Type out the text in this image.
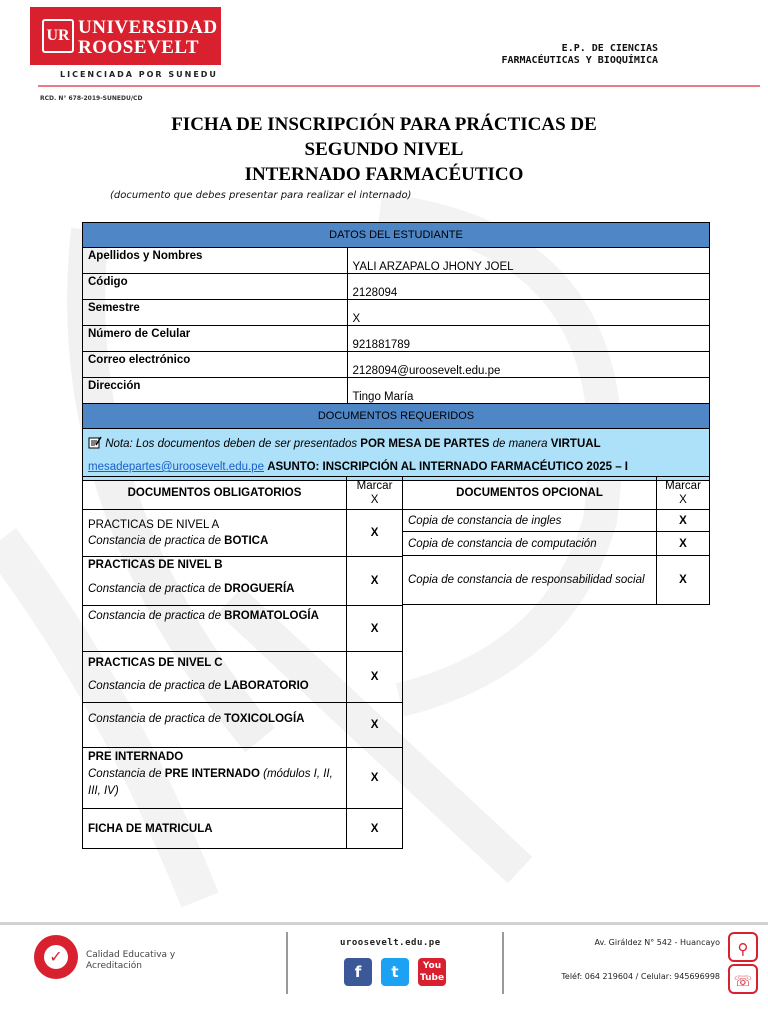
UR UNIVERSIDAD
ROOSEVELT
LICENCIADA POR SUNEDU
RCD. N° 678-2019-SUNEDU/CD
E.P. DE CIENCIAS
FARMACÉUTICAS Y BIOQUÍMICA
FICHA DE INSCRIPCIÓN PARA PRÁCTICAS DE
SEGUNDO NIVEL
INTERNADO FARMACÉUTICO
(documento que debes presentar para realizar el internado)
DATOS DEL ESTUDIANTE	
Apellidos y Nombres	YALI ARZAPALO JHONY JOEL
Código	2128094
Semestre	X
Número de Celular	921881789
Correo electrónico	2128094@uroosevelt.edu.pe
Dirección	Tingo María
DOCUMENTOS REQUERIDOS	
Nota: Los documentos deben de ser presentados POR MESA DE PARTES de manera VIRTUAL
mesadepartes@uroosevelt.edu.pe ASUNTO: INSCRIPCIÓN AL INTERNADO FARMACÉUTICO 2025 – I	
DOCUMENTOS OBLIGATORIOS	Marcar
X
PRACTICAS DE NIVEL A
Constancia de practica de BOTICA	X
PRACTICAS DE NIVEL B
Constancia de practica de DROGUERÍA	X
Constancia de practica de BROMATOLOGÍA	X
PRACTICAS DE NIVEL C
Constancia de practica de LABORATORIO	X
Constancia de practica de TOXICOLOGÍA	X
PRE INTERNADO
Constancia de PRE INTERNADO (módulos I, II, III, IV)	X
FICHA DE MATRICULA	X
DOCUMENTOS OPCIONAL	Marcar
X
Copia de constancia de ingles	X
Copia de constancia de computación	X
Copia de constancia de responsabilidad social	X
✓	Calidad Educativa y
Acreditación
uroosevelt.edu.pe
f	t	You
Tube
Av. Giráldez N° 542 - Huancayo
Teléf: 064 219604 / Celular: 945696998
⚲
☏
